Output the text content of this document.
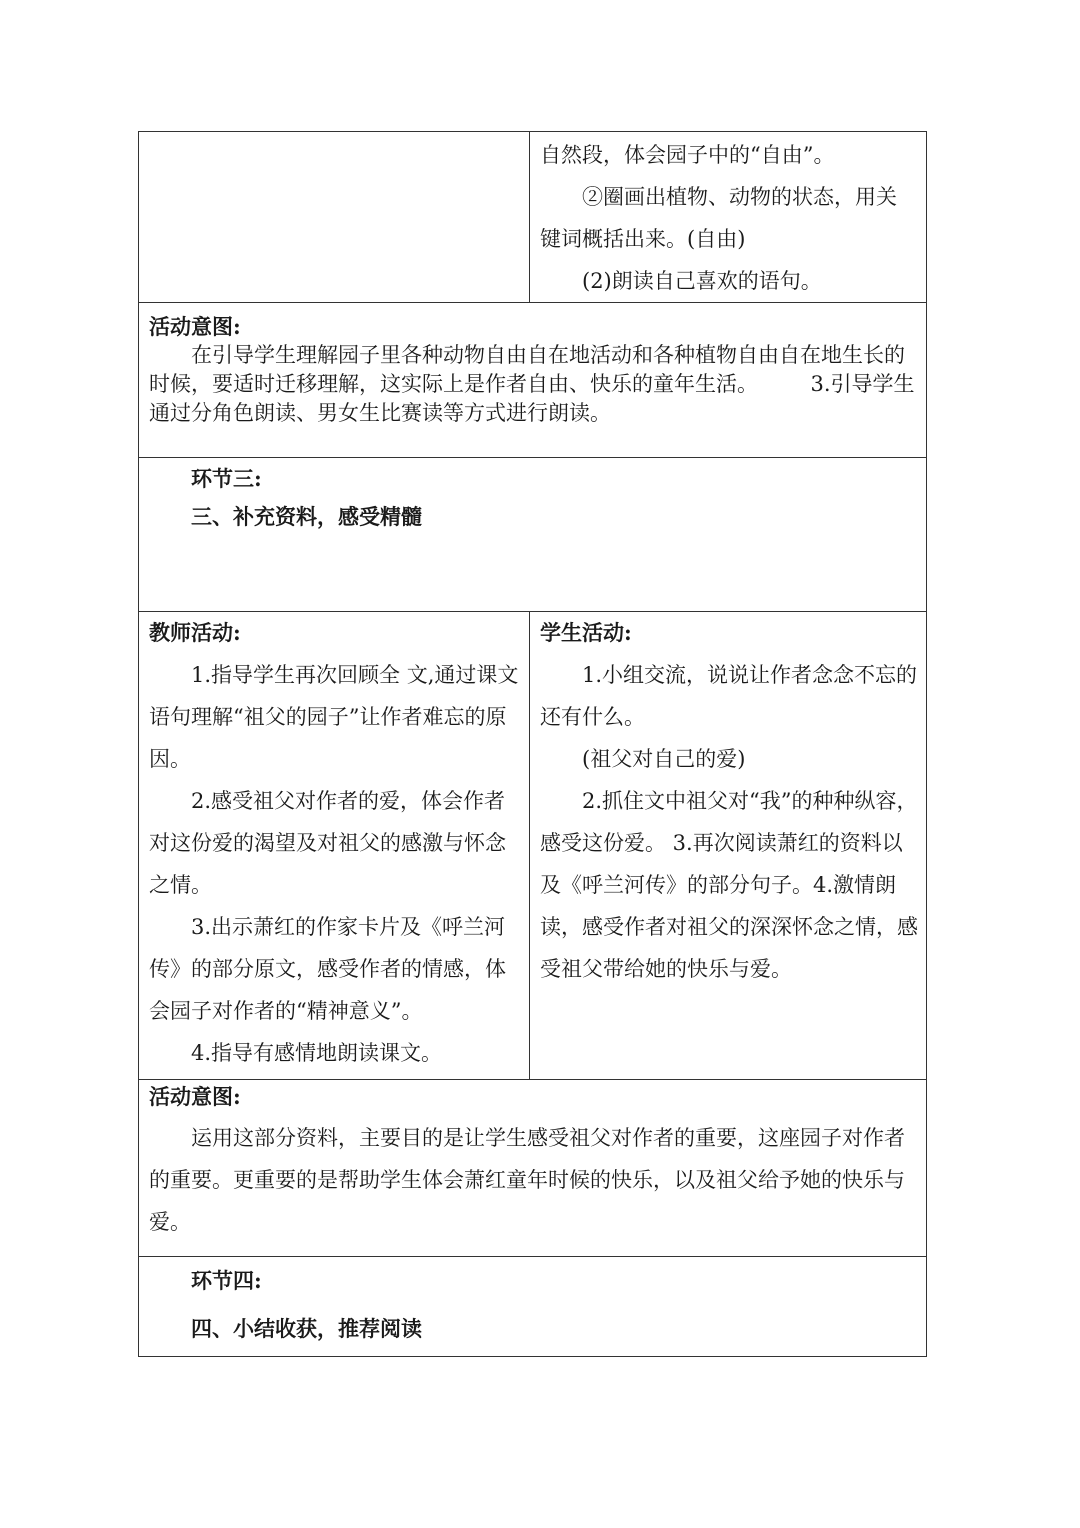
自然段，体会园子中的“自由”。

②圈画出植物、动物的状态，用关

键词概括出来。(自由)

(2)朗读自己喜欢的语句。

活动意图:

在引导学生理解园子里各种动物自由自在地活动和各种植物自由自在地生长的时候，要适时迁移理解，这实际上是作者自由、快乐的童年生活。　　　3.引导学生通过分角色朗读、男女生比赛读等方式进行朗读。

环节三:

三、补充资料，感受精髓

教师活动:

1.指导学生再次回顾全 文,通过课文语句理解“祖父的园子”让作者难忘的原因。

2.感受祖父对作者的爱，体会作者对这份爱的渴望及对祖父的感激与怀念之情。

3.出示萧红的作家卡片及《呼兰河传》的部分原文，感受作者的情感，体会园子对作者的“精神意义”。

4.指导有感情地朗读课文。

学生活动:

1.小组交流，说说让作者念念不忘的还有什么。

(祖父对自己的爱)

2.抓住文中祖父对“我”的种种纵容，感受这份爱。 3.再次阅读萧红的资料以及《呼兰河传》的部分句子。4.激情朗读，感受作者对祖父的深深怀念之情，感受祖父带给她的快乐与爱。

活动意图:

运用这部分资料，主要目的是让学生感受祖父对作者的重要，这座园子对作者的重要。更重要的是帮助学生体会萧红童年时候的快乐，以及祖父给予她的快乐与爱。

环节四:

四、小结收获，推荐阅读
